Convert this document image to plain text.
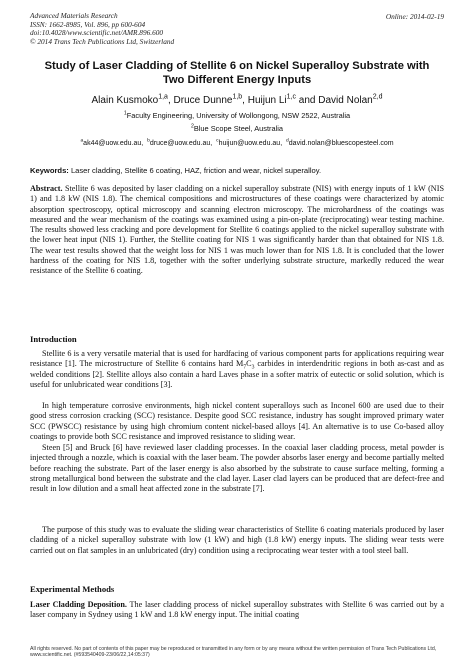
Advanced Materials Research
ISSN: 1662-8985, Vol. 896, pp 600-604
doi:10.4028/www.scientific.net/AMR.896.600
© 2014 Trans Tech Publications Ltd, Switzerland
Online: 2014-02-19
Study of Laser Cladding of Stellite 6 on Nickel Superalloy Substrate with
Two Different Energy Inputs
Alain Kusmoko$^{1,a}$, Druce Dunne$^{1,b}$, Huijun Li$^{1,c}$ and David Nolan$^{2,d}$
$^1$Faculty Engineering, University of Wollongong, NSW 2522, Australia
$^2$Blue Scope Steel, Australia
$^a$ak44@uow.edu.au,  $^b$druce@uow.edu.au,  $^c$huijun@uow.edu.au,  $^d$david.nolan@bluescopesteel.com
Keywords: Laser cladding, Stellite 6 coating, HAZ, friction and wear, nickel superalloy.
Abstract. Stellite 6 was deposited by laser cladding on a nickel superalloy substrate (NIS) with energy inputs of 1 kW (NIS 1) and 1.8 kW (NIS 1.8). The chemical compositions and microstructures of these coatings were characterized by atomic absorption spectroscopy, optical microscopy and scanning electron microscopy. The microhardness of the coatings was measured and the wear mechanism of the coatings was examined using a pin-on-plate (reciprocating) wear testing machine. The results showed less cracking and pore development for Stellite 6 coatings applied to the nickel superalloy substrate with the lower heat input (NIS 1). Further, the Stellite coating for NIS 1 was significantly harder than that obtained for NIS 1.8. The wear test results showed that the weight loss for NIS 1 was much lower than for NIS 1.8. It is concluded that the lower hardness of the coating for NIS 1.8, together with the softer underlying substrate structure, markedly reduced the wear resistance of the Stellite 6 coating.
Introduction
Stellite 6 is a very versatile material that is used for hardfacing of various component parts for applications requiring wear resistance [1]. The microstructure of Stellite 6 contains hard $M_7C_3$ carbides in interdendritic regions in both as-cast and as welded conditions [2]. Stellite alloys also contain a hard Laves phase in a softer matrix of eutectic or solid solution, which is useful for unlubricated wear conditions [3].
In high temperature corrosive environments, high nickel content superalloys such as Inconel 600 are used due to their good stress corrosion cracking (SCC) resistance. Despite good SCC resistance, industry has sought improved primary water SCC (PWSCC) resistance by using high chromium content nickel-based alloys [4]. An alternative is to use Co-based alloy coatings to provide both SCC resistance and improved resistance to sliding wear.
Steen [5] and Bruck [6] have reviewed laser cladding processes. In the coaxial laser cladding process, metal powder is injected through a nozzle, which is coaxial with the laser beam. The powder absorbs laser energy and become partially melted before reaching the substrate. Part of the laser energy is also absorbed by the substrate to cause surface melting, forming a strong metallurgical bond between the substrate and the clad layer. Laser clad layers can be produced that are defect-free and result in low dilution and a small heat affected zone in the substrate [7].
The purpose of this study was to evaluate the sliding wear characteristics of Stellite 6 coating materials produced by laser cladding of a nickel superalloy substrate with low (1 kW) and high (1.8 kW) energy inputs. The sliding wear tests were carried out on flat samples in an unlubricated (dry) condition using a reciprocating wear tester with a tool steel ball.
Experimental Methods
Laser Cladding Deposition. The laser cladding process of nickel superalloy substrates with Stellite 6 was carried out by a laser company in Sydney using 1 kW and 1.8 kW energy input. The initial coating
All rights reserved. No part of contents of this paper may be reproduced or transmitted in any form or by any means without the written permission of Trans Tech Publications Ltd, www.scientific.net. (#593540409-23/06/22,14:05:37)
